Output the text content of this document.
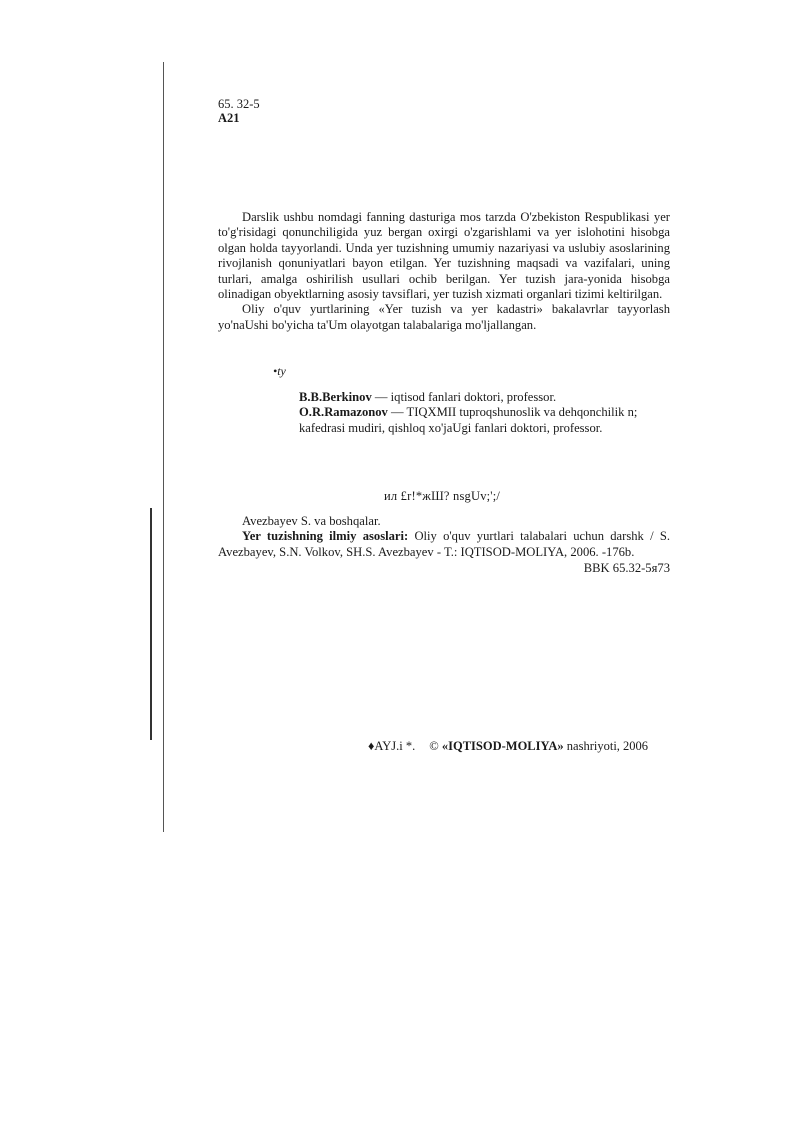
65. 32-5
A21

Darslik ushbu nomdagi fanning dasturiga mos tarzda O'zbekiston Respublikasi yer to'g'risidagi qonunchiligida yuz bergan oxirgi o'zgarishlami va yer islohotini hisobga olgan holda tayyorlandi. Unda yer tuzishning umumiy nazariyasi va uslubiy asoslarining rivojlanish qonuniyatlari bayon etilgan. Yer tuzishning maqsadi va vazifalari, uning turlari, amalga oshirilish usullari ochib berilgan. Yer tuzish jara-yonida hisobga olinadigan obyektlarning asosiy tavsiflari, yer tuzish xizmati organlari tizimi keltirilgan.

Oliy o'quv yurtlarining «Yer tuzish va yer kadastri» bakalavrlar tayyorlash yo'naUshi bo'yicha ta'Um olayotgan talabalariga mo'ljallangan.

•ty

B.B.Berkinov — iqtisod fanlari doktori, professor.

O.R.Ramazonov — TIQXMII tuproqshunoslik va dehqonchilik n; kafedrasi mudiri, qishloq xo'jaUgi fanlari doktori, professor.

ил £r!*жШ? nsgUv;';/

Avezbayev S. va boshqalar.

Yer tuzishning ilmiy asoslari: Oliy o'quv yurtlari talabalari uchun darshk / S. Avezbayev, S.N. Volkov, SH.S. Avezbayev - T.: IQTISOD-MOLIYA, 2006. -176b.

BBK 65.32-5я73

♦AYJ.i *. © «IQTISOD-MOLIYA» nashriyoti, 2006
